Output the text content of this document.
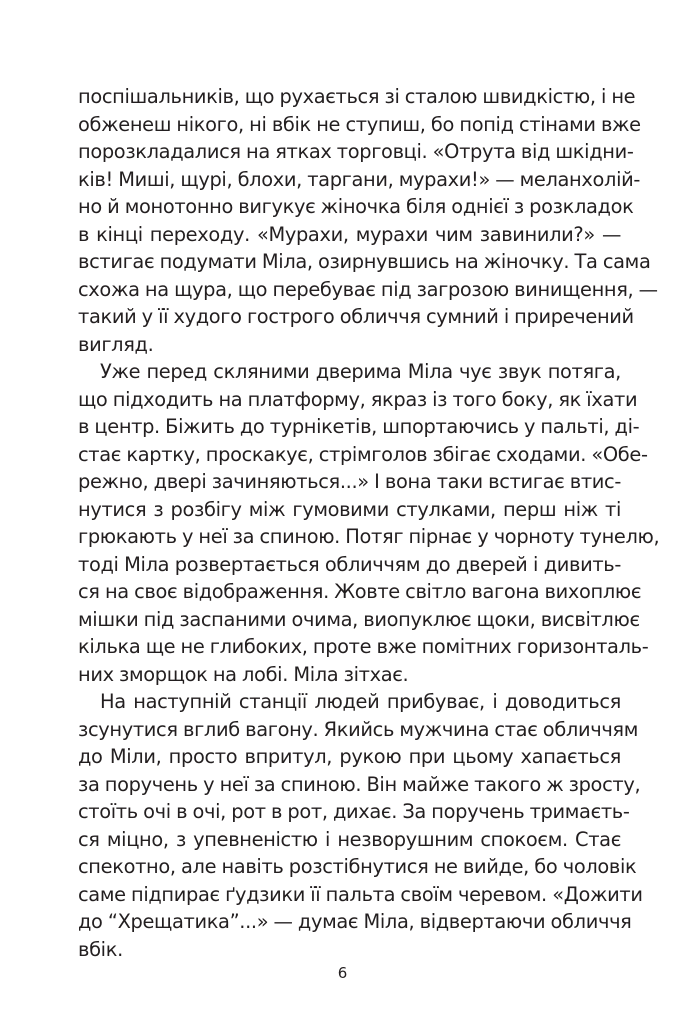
поспішальників, що рухається зі сталою швидкістю, і не
обженеш нікого, ні вбік не ступиш, бо попід стінами вже
порозкладалися на ятках торговці. «Отрута від шкідни-
ків! Миші, щурі, блохи, таргани, мурахи!» — меланхолій-
но й монотонно вигукує жіночка біля однієї з розкладок
в кінці переходу. «Мурахи, мурахи чим завинили?» —
встигає подумати Міла, озирнувшись на жіночку. Та сама
схожа на щура, що перебуває під загрозою винищення, —
такий у її худого гострого обличчя сумний і приречений
вигляд.
Уже перед скляними дверима Міла чує звук потяга,
що підходить на платформу, якраз із того боку, як їхати
в центр. Біжить до турнікетів, шпортаючись у пальті, ді-
стає картку, проскакує, стрімголов збігає сходами. «Обе-
режно, двері зачиняються...» І вона таки встигає втис-
нутися з розбігу між гумовими стулками, перш ніж ті
грюкають у неї за спиною. Потяг пірнає у чорноту тунелю,
тоді Міла розвертається обличчям до дверей і дивить-
ся на своє відображення. Жовте світло вагона вихоплює
мішки під заспаними очима, виопуклює щоки, висвітлює
кілька ще не глибоких, проте вже помітних горизонталь-
них зморщок на лобі. Міла зітхає.
На наступній станції людей прибуває, і доводиться
зсунутися вглиб вагону. Якийсь мужчина стає обличчям
до Міли, просто впритул, рукою при цьому хапається
за поручень у неї за спиною. Він майже такого ж зросту,
стоїть очі в очі, рот в рот, дихає. За поручень тримаєть-
ся міцно, з упевненістю і незворушним спокоєм. Стає
спекотно, але навіть розстібнутися не вийде, бо чоловік
саме підпирає ґудзики її пальта своїм черевом. «Дожити
до “Хрещатика”...» — думає Міла, відвертаючи обличчя
вбік.
6
